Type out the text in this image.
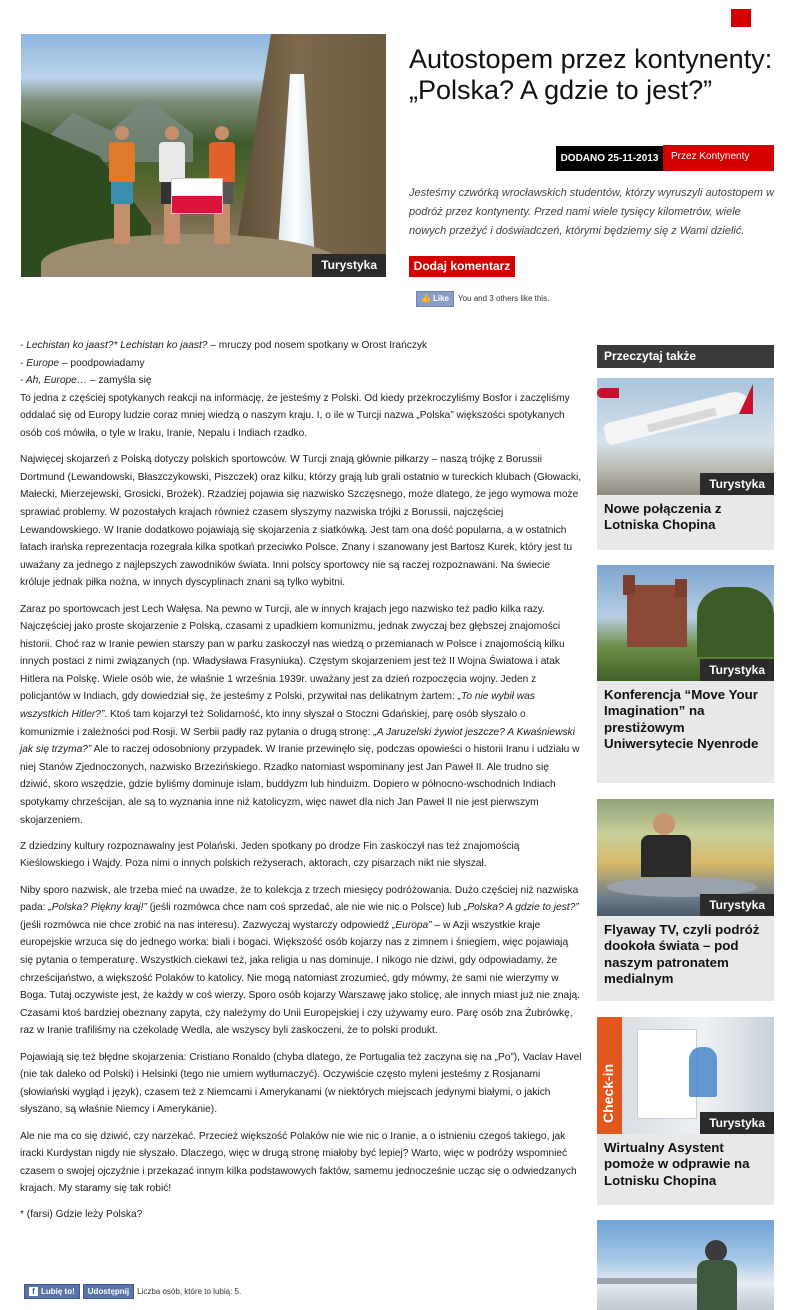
Turystyka
Autostopem przez kontynenty: „Polska? A gdzie to jest?”
DODANO 25-11-2013	Przez Kontynenty

Jesteśmy czwórką wrocławskich studentów, którzy wyruszyli autostopem w podróż przez kontynenty. Przed nami wiele tysięcy kilometrów, wiele nowych przeżyć i doświadczeń, którymi będziemy się z Wami dzielić.

Dodaj komentarz
👍 Like You and 3 others like this.

- Lechistan ko jaast?* Lechistan ko jaast? – mruczy pod nosem spotkany w Orost Irańczyk

- Europe – poodpowiadamy

- Ah, Europe… – zamyśla się

To jedna z częściej spotykanych reakcji na informację, że jesteśmy z Polski. Od kiedy przekroczyliśmy Bosfor i zaczęliśmy oddalać się od Europy ludzie coraz mniej wiedzą o naszym kraju. I, o ile w Turcji nazwa „Polska” większości spotykanych osób coś mówiła, o tyle w Iraku, Iranie, Nepalu i Indiach rzadko.

Najwięcej skojarzeń z Polską dotyczy polskich sportowców. W Turcji znają głównie piłkarzy – naszą trójkę z Borussii Dortmund (Lewandowski, Błaszczykowski, Piszczek) oraz kilku, którzy grają lub grali ostatnio w tureckich klubach (Głowacki, Małecki, Mierzejewski, Grosicki, Brożek). Rzadziej pojawia się nazwisko Szczęsnego, może dlatego, że jego wymowa może sprawiać problemy. W pozostałych krajach również czasem słyszymy nazwiska trójki z Borussii, najczęściej Lewandowskiego. W Iranie dodatkowo pojawiają się skojarzenia z siatkówką. Jest tam ona dość popularna, a w ostatnich latach irańska reprezentacja rozegrała kilka spotkań przeciwko Polsce. Znany i szanowany jest Bartosz Kurek, który jest tu uważany za jednego z najlepszych zawodników świata. Inni polscy sportowcy nie są raczej rozpoznawani. Na świecie króluje jednak piłka nożna, w innych dyscyplinach znani są tylko wybitni.

Zaraz po sportowcach jest Lech Wałęsa. Na pewno w Turcji, ale w innych krajach jego nazwisko też padło kilka razy. Najczęściej jako proste skojarzenie z Polską, czasami z upadkiem komunizmu, jednak zwyczaj bez głębszej znajomości historii. Choć raz w Iranie pewien starszy pan w parku zaskoczył nas wiedzą o przemianach w Polsce i znajomością kilku innych postaci z nimi związanych (np. Władysława Frasyniuka). Częstym skojarzeniem jest też II Wojna Światowa i atak Hitlera na Polskę. Wiele osób wie, że właśnie 1 września 1939r. uważany jest za dzień rozpoczęcia wojny. Jeden z policjantów w Indiach, gdy dowiedział się, że jesteśmy z Polski, przywitał nas delikatnym żartem: „To nie wybił was wszystkich Hitler?”. Ktoś tam kojarzył też Solidarność, kto inny słyszał o Stoczni Gdańskiej, parę osób słyszało o komunizmie i zależności pod Rosji. W Serbii padły raz pytania o drugą stronę: „A Jaruzelski żywiot jeszcze? A Kwaśniewski jak się trzyma?” Ale to raczej odosobniony przypadek. W Iranie przewinęło się, podczas opowieści o historii Iranu i udziału w niej Stanów Zjednoczonych, nazwisko Brzezińskiego. Rzadko natomiast wspominany jest Jan Paweł II. Ale trudno się dziwić, skoro wszędzie, gdzie byliśmy dominuje islam, buddyzm lub hinduizm. Dopiero w północno-wschodnich Indiach spotykamy chrześcijan, ale są to wyznania inne niż katolicyzm, więc nawet dla nich Jan Paweł II nie jest pierwszym skojarzeniem.

Z dziedziny kultury rozpoznawalny jest Polański. Jeden spotkany po drodze Fin zaskoczył nas też znajomością Kieślowskiego i Wajdy. Poza nimi o innych polskich reżyserach, aktorach, czy pisarzach nikt nie słyszał.

Niby sporo nazwisk, ale trzeba mieć na uwadze, że to kolekcja z trzech miesięcy podróżowania. Dużo częściej niż nazwiska pada: „Polska? Piękny kraj!” (jeśli rozmówca chce nam coś sprzedać, ale nie wie nic o Polsce) lub „Polska? A gdzie to jest?” (jeśli rozmówca nie chce zrobić na nas interesu). Zazwyczaj wystarczy odpowiedź „Europa” – w Azji wszystkie kraje europejskie wrzuca się do jednego worka: biali i bogaci. Większość osób kojarzy nas z zimnem i śniegiem, więc pojawiają się pytania o temperaturę. Wszystkich ciekawi też, jaka religia u nas dominuje. I nikogo nie dziwi, gdy odpowiadamy, że chrześcijaństwo, a większość Polaków to katolicy. Nie mogą natomiast zrozumieć, gdy mówmy, że sami nie wierzymy w Boga. Tutaj oczywiste jest, że każdy w coś wierzy. Sporo osób kojarzy Warszawę jako stolicę, ale innych miast już nie znają. Czasami ktoś bardziej obeznany zapyta, czy należymy do Unii Europejskiej i czy używamy euro. Parę osób zna Żubrówkę, raz w Iranie trafiliśmy na czekoladę Wedla, ale wszyscy byli zaskoczeni, że to polski produkt.

Pojawiają się też błędne skojarzenia: Cristiano Ronaldo (chyba dlatego, że Portugalia też zaczyna się na „Po”), Vaclav Havel (nie tak daleko od Polski) i Helsinki (tego nie umiem wytłumaczyć). Oczywiście często myleni jesteśmy z Rosjanami (słowiański wygląd i język), czasem też z Niemcami i Amerykanami (w niektórych miejscach jedynymi białymi, o jakich słyszano, są właśnie Niemcy i Amerykanie).

Ale nie ma co się dziwić, czy narzekać. Przecież większość Polaków nie wie nic o Iranie, a o istnieniu czegoś takiego, jak iracki Kurdystan nigdy nie słyszało. Dlaczego, więc w drugą stronę miałoby być lepiej? Warto, więc w podróży wspomnieć czasem o swojej ojczyźnie i przekazać innym kilka podstawowych faktów, samemu jednocześnie ucząc się o odwiedzanych krajach. My staramy się tak robić!

* (farsi) Gdzie leży Polska?

f Lubię to!	Udostępnij	Liczba osób, które to lubią: 5.
Przeczytaj także
Turystyka
Nowe połączenia z Lotniska Chopina
Turystyka
Konferencja “Move Your Imagination” na prestiżowym Uniwersytecie Nyenrode
Turystyka
Flyaway TV, czyli podróż dookoła świata – pod naszym patronatem medialnym
Check-in	Turystyka
Wirtualny Asystent pomoże w odprawie na Lotnisku Chopina
